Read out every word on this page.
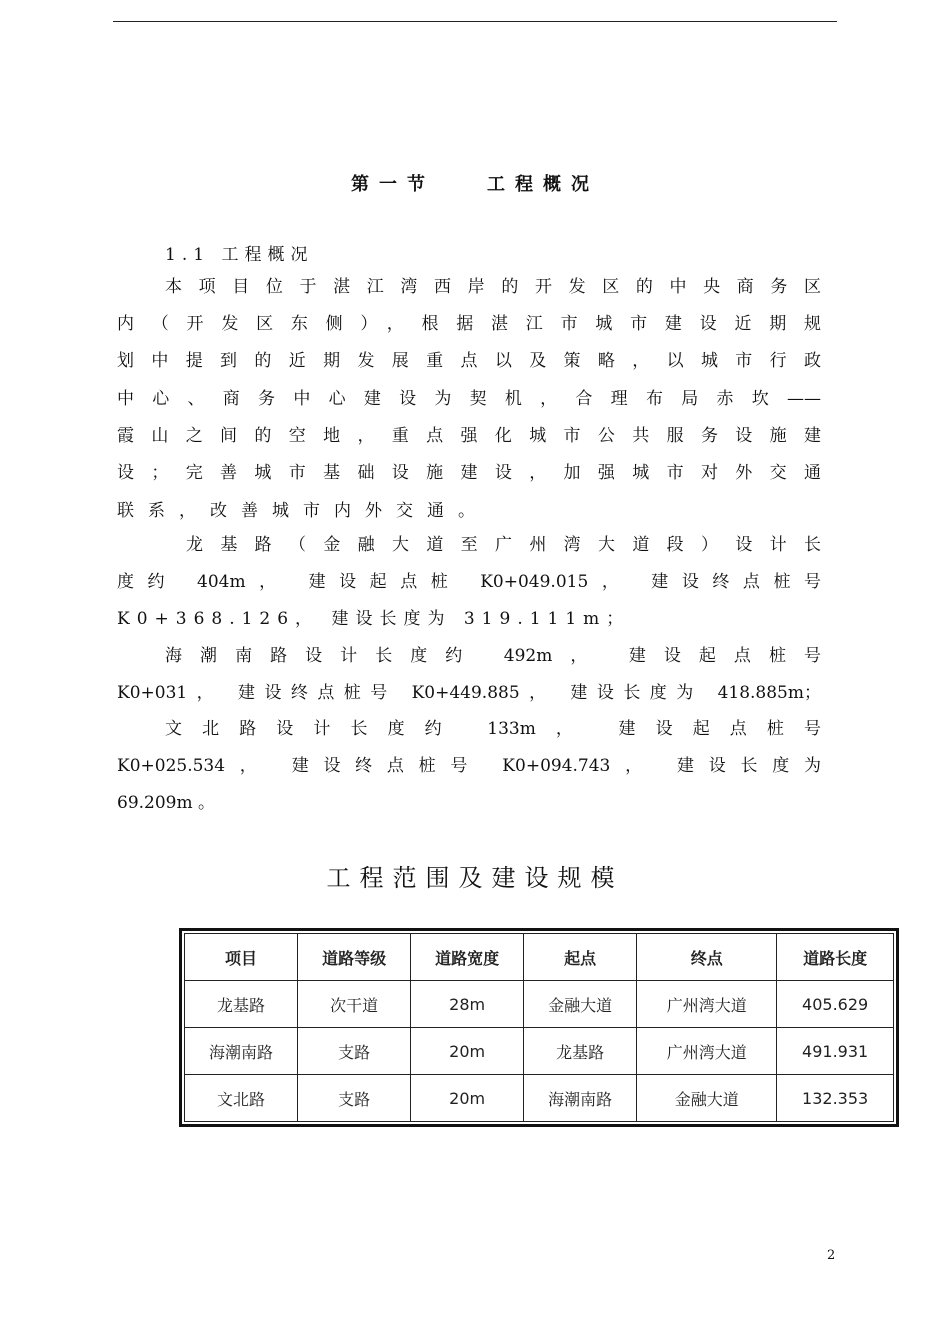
第一节	工程概况
1.1 工程概况
本项目位于湛江湾西岸的开发区的中央商务区
内（开发区东侧），根据湛江市城市建设近期规
划中提到的近期发展重点以及策略，以城市行政
中心、商务中心建设为契机，合理布局赤坎——
霞山之间的空地，重点强化城市公共服务设施建
设；完善城市基础设施建设，加强城市对外交通
联系，改善城市内外交通。
龙基路（金融大道至广州湾大道段）设计长
度约 404m， 建设起点桩 K0+049.015， 建设终点桩号
K0+368.126， 建设长度为 319.111m；
海潮南路设计长度约 492m， 建设起点桩号
K0+031， 建设终点桩号 K0+449.885， 建设长度为 418.885m；
文北路设计长度约 133m， 建设起点桩号
K0+025.534， 建设终点桩号 K0+094.743， 建设长度为
69.209m 。
工程范围及建设规模
项目	道路等级	道路宽度	起点	终点	道路长度
龙基路	次干道	28m	金融大道	广州湾大道	405.629
海潮南路	支路	20m	龙基路	广州湾大道	491.931
文北路	支路	20m	海潮南路	金融大道	132.353
2
